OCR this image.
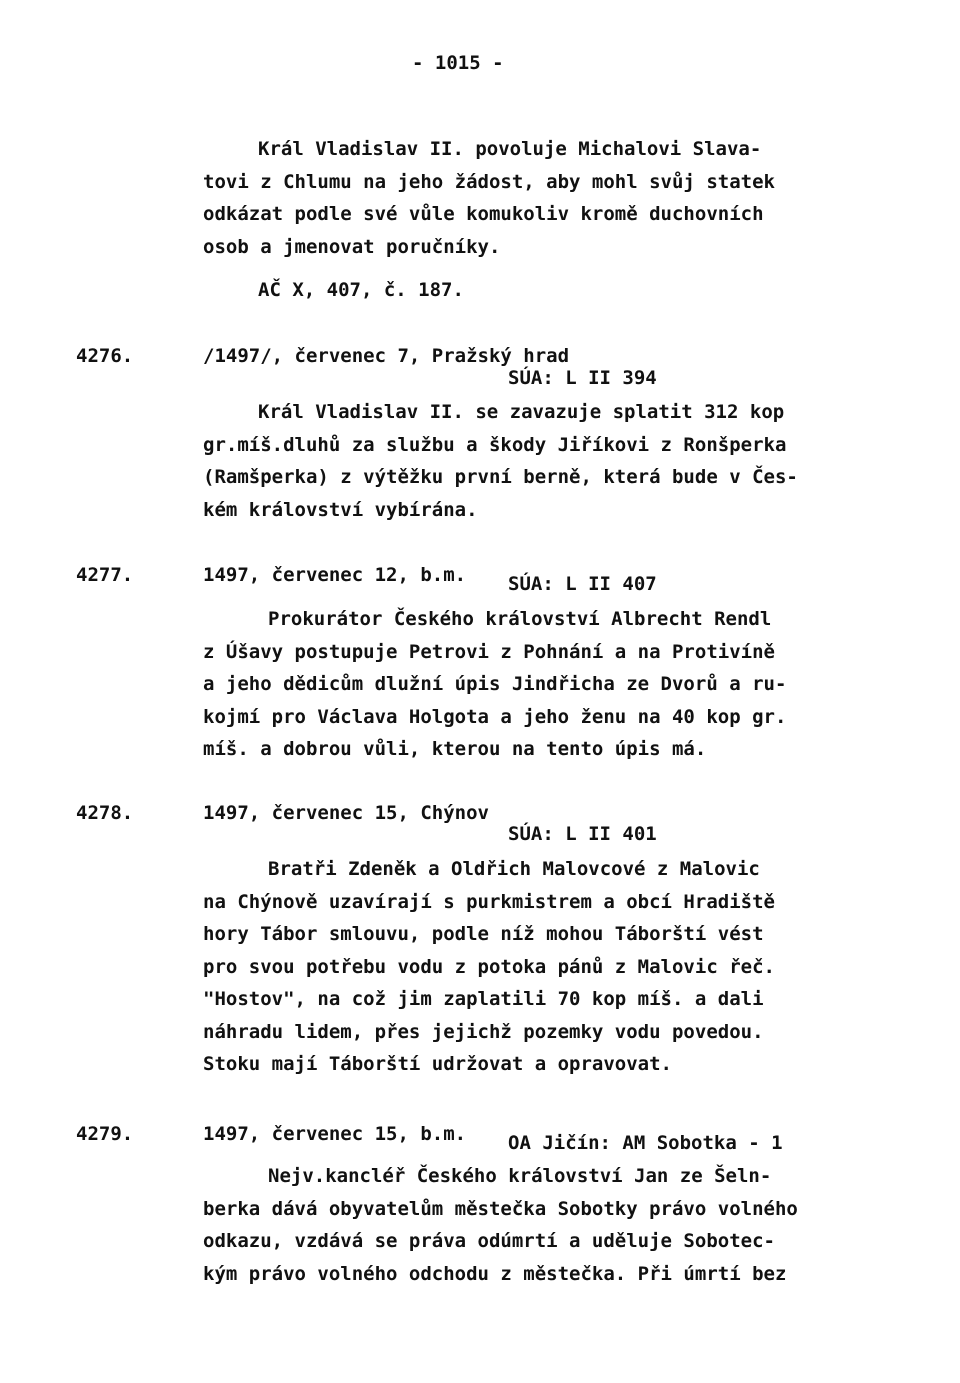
- 1015 -
Král Vladislav II. povoluje Michalovi Slava-
tovi z Chlumu na jeho žádost, aby mohl svůj statek
odkázat podle své vůle komukoliv kromě duchovních
osob a jmenovat poručníky.
AČ X, 407, č. 187.
4276.	/1497/, červenec 7, Pražský hrad
SÚA: L II 394
Král Vladislav II. se zavazuje splatit 312 kop
gr.míš.dluhů za službu a škody Jiříkovi z Ronšperka
(Ramšperka) z výtěžku první berně, která bude v Čes-
kém království vybírána.
4277.	1497, červenec 12, b.m. SÚA: L II 407
Prokurátor Českého království Albrecht Rendl
z Úšavy postupuje Petrovi z Pohnání a na Protivíně
a jeho dědicům dlužní úpis Jindřicha ze Dvorů a ru-
kojmí pro Václava Holgota a jeho ženu na 40 kop gr.
míš. a dobrou vůli, kterou na tento úpis má.
4278.	1497, červenec 15, Chýnov
SÚA: L II 401
Bratři Zdeněk a Oldřich Malovcové z Malovic
na Chýnově uzavírají s purkmistrem a obcí Hradiště
hory Tábor smlouvu, podle níž mohou Táborští vést
pro svou potřebu vodu z potoka pánů z Malovic řeč.
"Hostov", na což jim zaplatili 70 kop míš. a dali
náhradu lidem, přes jejichž pozemky vodu povedou.
Stoku mají Táborští udržovat a opravovat.
4279.	1497, červenec 15, b.m. OA Jičín: AM Sobotka - 1
Nejv.kancléř Českého království Jan ze Šeln-
berka dává obyvatelům městečka Sobotky právo volného
odkazu, vzdává se práva odúmrtí a uděluje Sobotec-
kým právo volného odchodu z městečka. Při úmrtí bez
